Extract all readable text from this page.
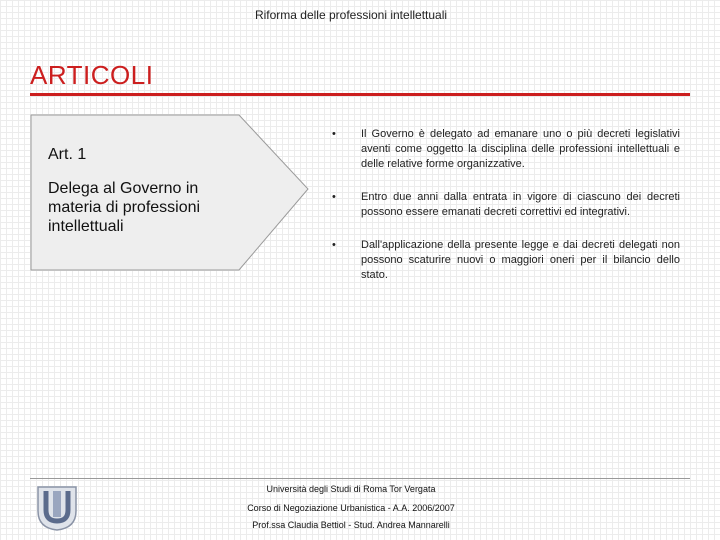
Riforma delle professioni intellettuali
ARTICOLI
Art. 1
Delega al Governo in materia di professioni intellettuali
• Il Governo è delegato ad emanare uno o più decreti legislativi aventi come oggetto la disciplina delle professioni intellettuali e delle relative forme organizzative.
• Entro due anni dalla entrata in vigore di ciascuno dei decreti possono essere emanati decreti correttivi ed integrativi.
• Dall'applicazione della presente legge e dai decreti delegati non possono scaturire nuovi o maggiori oneri per il bilancio dello stato.
Università degli Studi di Roma Tor Vergata
Corso di Negoziazione Urbanistica - A.A. 2006/2007
Prof.ssa Claudia Bettiol - Stud. Andrea Mannarelli
